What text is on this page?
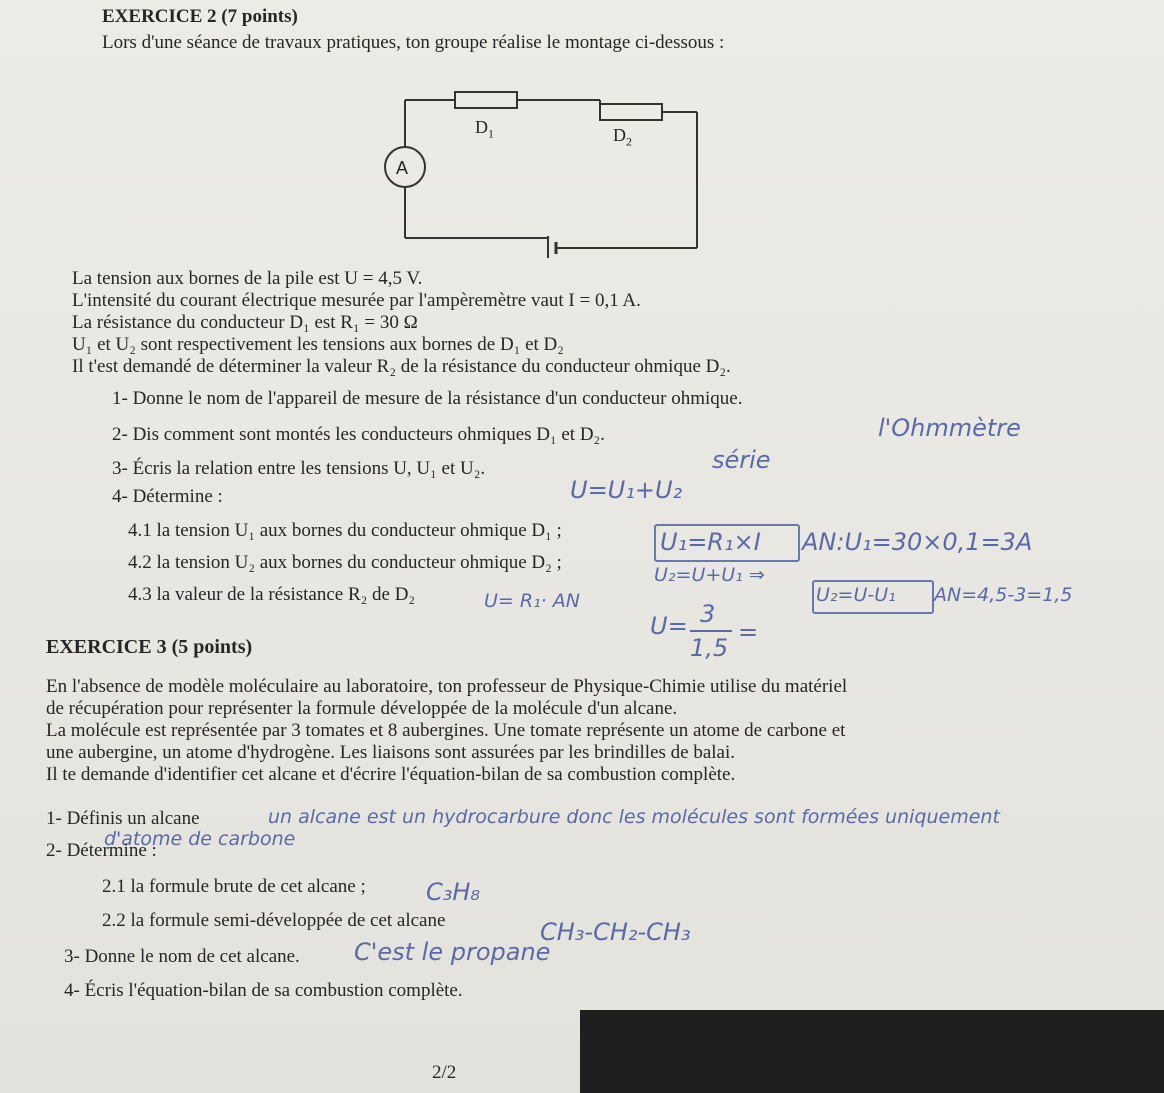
EXERCICE 2 (7 points)
Lors d'une séance de travaux pratiques, ton groupe réalise le montage ci-dessous :
A
$D_1$	$D_2$
La tension aux bornes de la pile est U = 4,5 V.
L'intensité du courant électrique mesurée par l'ampèremètre vaut I = 0,1 A.
La résistance du conducteur D₁ est R₁ = 30 Ω
U₁ et U₂ sont respectivement les tensions aux bornes de D₁ et D₂
Il t'est demandé de déterminer la valeur R₂ de la résistance du conducteur ohmique D₂.
1- Donne le nom de l'appareil de mesure de la résistance d'un conducteur ohmique.
l'Ohmmètre
2- Dis comment sont montés les conducteurs ohmiques D₁ et D₂.
série
3- Écris la relation entre les tensions U, U₁ et U₂.
U=U₁+U₂
4- Détermine :
4.1 la tension U₁ aux bornes du conducteur ohmique D₁ ;	U₁=R₁×I AN:U₁=30×0,1=3A
4.2 la tension U₂ aux bornes du conducteur ohmique D₂ ;
U₂=U+U₁ ⇒
U₂=U-U₁ AN=4,5-3=1,5
4.3 la valeur de la résistance R₂ de D₂	U= R₁· AN
U= 3
1,5
=
EXERCICE 3 (5 points)
En l'absence de modèle moléculaire au laboratoire, ton professeur de Physique-Chimie utilise du matériel
de récupération pour représenter la formule développée de la molécule d'un alcane.
La molécule est représentée par 3 tomates et 8 aubergines. Une tomate représente un atome de carbone et
une aubergine, un atome d'hydrogène. Les liaisons sont assurées par les brindilles de balai.
Il te demande d'identifier cet alcane et d'écrire l'équation-bilan de sa combustion complète.
1- Définis un alcane	un alcane est un hydrocarbure donc les molécules sont formées uniquement
d'atome de carbone
2- Détermine :
2.1 la formule brute de cet alcane ;	C₃H₈
2.2 la formule semi-développée de cet alcane	CH₃-CH₂-CH₃
3- Donne le nom de cet alcane. C'est le propane
4- Écris l'équation-bilan de sa combustion complète.
2/2
